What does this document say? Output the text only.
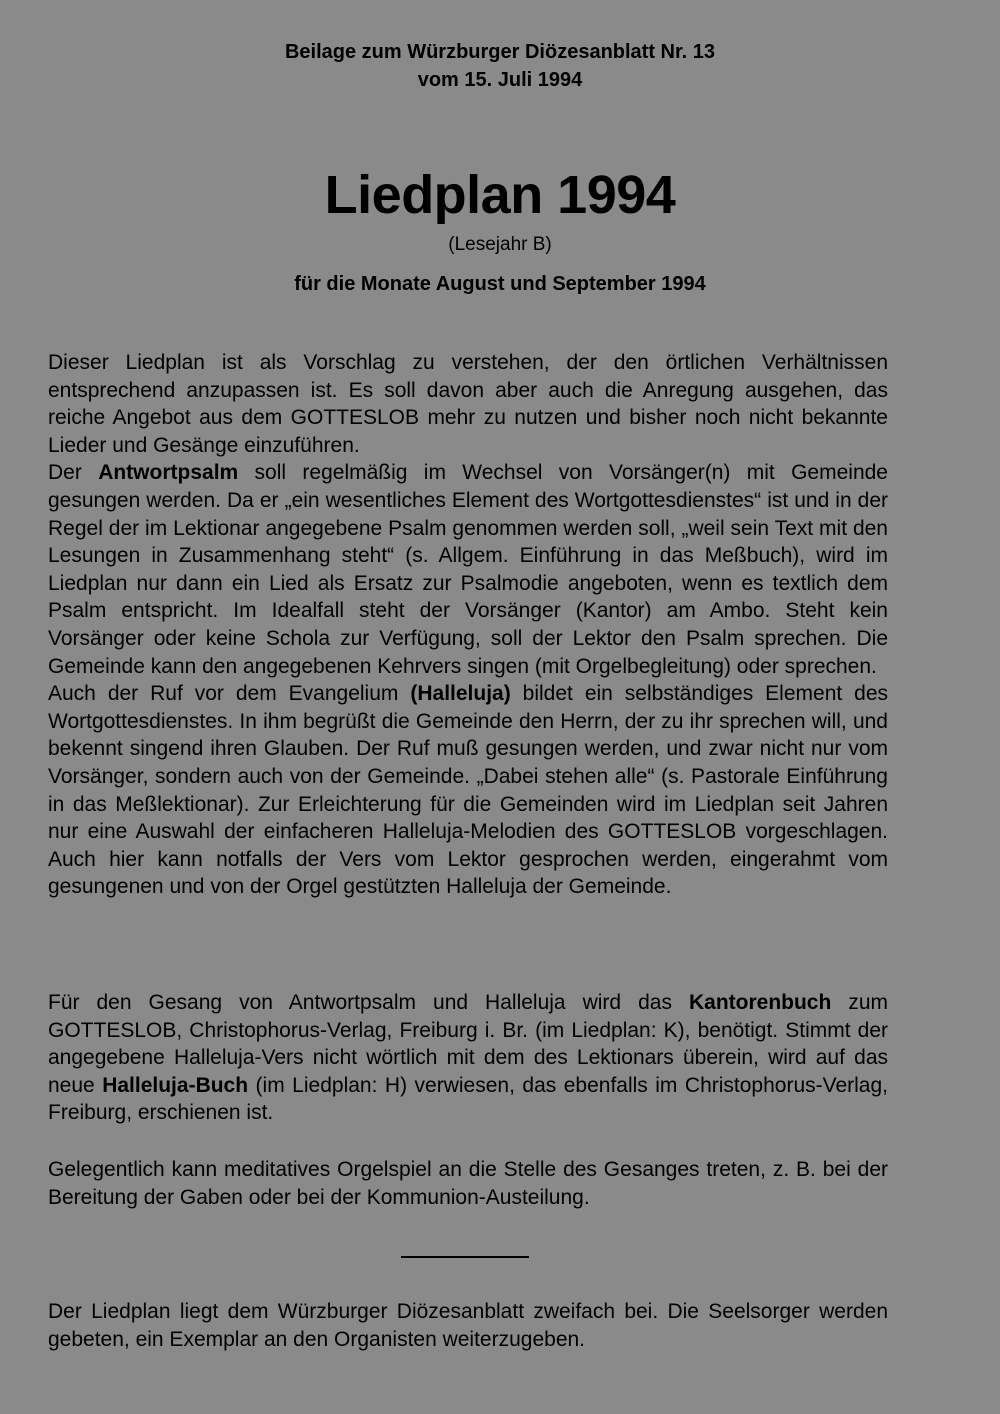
Beilage zum Würzburger Diözesanblatt Nr. 13
vom 15. Juli 1994
Liedplan 1994
(Lesejahr B)
für die Monate August und September 1994

Dieser Liedplan ist als Vorschlag zu verstehen, der den örtlichen Verhältnissen entsprechend anzupassen ist. Es soll davon aber auch die Anregung ausgehen, das reiche Angebot aus dem GOTTESLOB mehr zu nutzen und bisher noch nicht bekannte Lieder und Gesänge einzuführen.

Der Antwortpsalm soll regelmäßig im Wechsel von Vorsänger(n) mit Gemeinde gesungen werden. Da er „ein wesentliches Element des Wortgottesdienstes“ ist und in der Regel der im Lektionar angegebene Psalm genommen werden soll, „weil sein Text mit den Lesungen in Zusammenhang steht“ (s. Allgem. Einführung in das Meßbuch), wird im Liedplan nur dann ein Lied als Ersatz zur Psalmodie angeboten, wenn es textlich dem Psalm entspricht. Im Idealfall steht der Vorsänger (Kantor) am Ambo. Steht kein Vorsänger oder keine Schola zur Verfügung, soll der Lektor den Psalm sprechen. Die Gemeinde kann den angegebenen Kehrvers singen (mit Orgelbegleitung) oder sprechen.

Auch der Ruf vor dem Evangelium (Halleluja) bildet ein selbständiges Element des Wortgottesdienstes. In ihm begrüßt die Gemeinde den Herrn, der zu ihr sprechen will, und bekennt singend ihren Glauben. Der Ruf muß gesungen werden, und zwar nicht nur vom Vorsänger, sondern auch von der Gemeinde. „Dabei stehen alle“ (s. Pastorale Einführung in das Meßlektionar). Zur Erleichterung für die Gemeinden wird im Liedplan seit Jahren nur eine Auswahl der einfacheren Halleluja-Melodien des GOTTESLOB vorgeschlagen. Auch hier kann notfalls der Vers vom Lektor gesprochen werden, eingerahmt vom gesungenen und von der Orgel gestützten Halleluja der Gemeinde.

Für den Gesang von Antwortpsalm und Halleluja wird das Kantorenbuch zum GOTTESLOB, Christophorus-Verlag, Freiburg i. Br. (im Liedplan: K), benötigt. Stimmt der angegebene Halleluja-Vers nicht wörtlich mit dem des Lektionars überein, wird auf das neue Halleluja-Buch (im Liedplan: H) verwiesen, das ebenfalls im Christophorus-Verlag, Freiburg, erschienen ist.

Gelegentlich kann meditatives Orgelspiel an die Stelle des Gesanges treten, z. B. bei der Bereitung der Gaben oder bei der Kommunion-Austeilung.

Der Liedplan liegt dem Würzburger Diözesanblatt zweifach bei. Die Seelsorger werden gebeten, ein Exemplar an den Organisten weiterzugeben.
